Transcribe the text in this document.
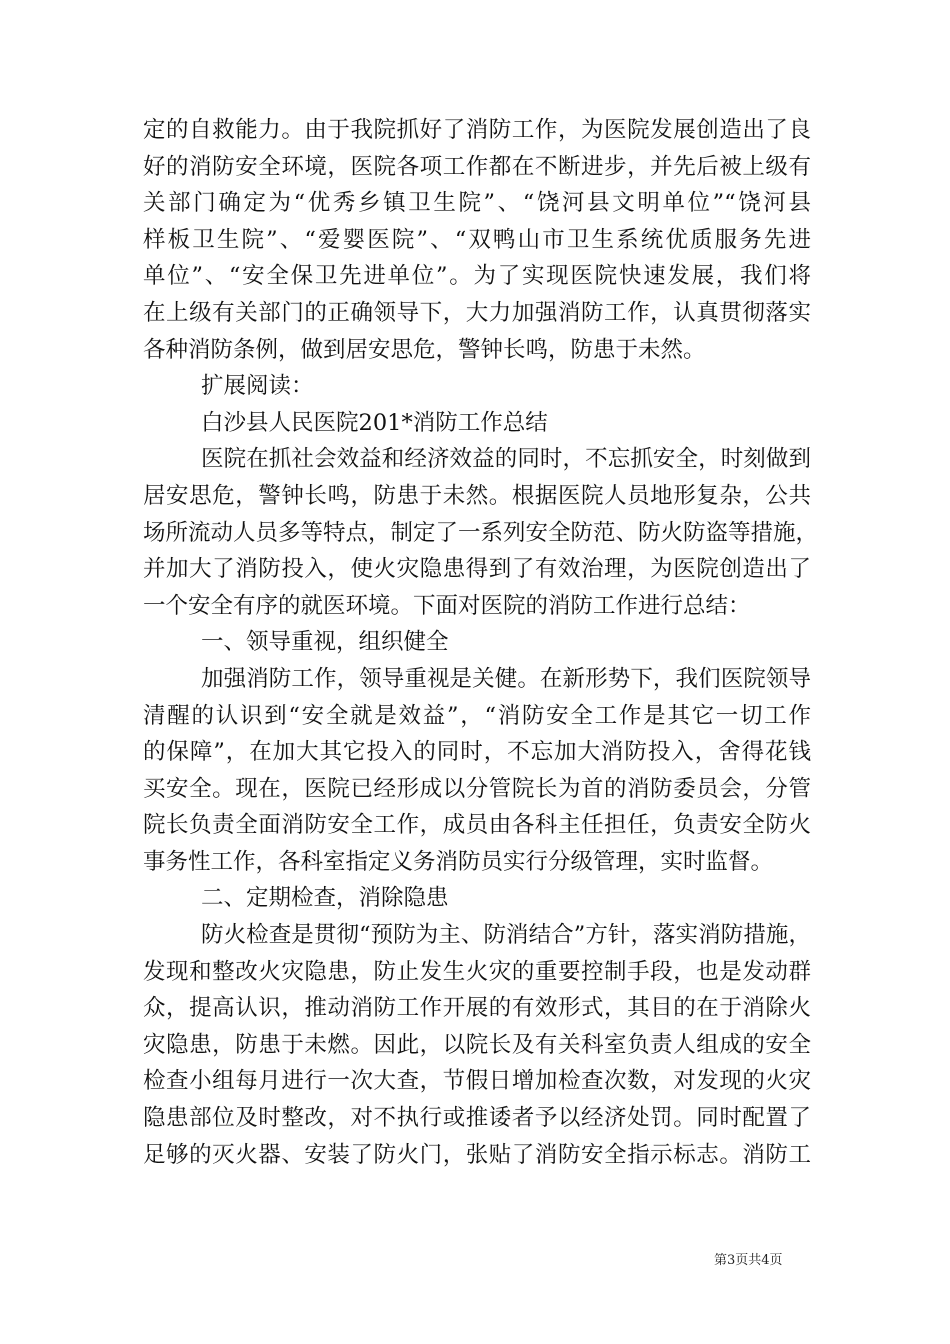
定的自救能力。由于我院抓好了消防工作，为医院发展创造出了良
好的消防安全环境，医院各项工作都在不断进步，并先后被上级有
关部门确定为“优秀乡镇卫生院”、“饶河县文明单位”“饶河县
样板卫生院”、“爱婴医院”、“双鸭山市卫生系统优质服务先进
单位”、“安全保卫先进单位”。为了实现医院快速发展，我们将
在上级有关部门的正确领导下，大力加强消防工作，认真贯彻落实
各种消防条例，做到居安思危，警钟长鸣，防患于未然。
扩展阅读：
白沙县人民医院201*消防工作总结
医院在抓社会效益和经济效益的同时，不忘抓安全，时刻做到
居安思危，警钟长鸣，防患于未然。根据医院人员地形复杂，公共
场所流动人员多等特点，制定了一系列安全防范、防火防盗等措施，
并加大了消防投入，使火灾隐患得到了有效治理，为医院创造出了
一个安全有序的就医环境。下面对医院的消防工作进行总结：
一、领导重视，组织健全
加强消防工作，领导重视是关健。在新形势下，我们医院领导
清醒的认识到“安全就是效益”，“消防安全工作是其它一切工作
的保障”，在加大其它投入的同时，不忘加大消防投入，舍得花钱
买安全。现在，医院已经形成以分管院长为首的消防委员会，分管
院长负责全面消防安全工作，成员由各科主任担任，负责安全防火
事务性工作，各科室指定义务消防员实行分级管理，实时监督。
二、定期检查，消除隐患
防火检查是贯彻“预防为主、防消结合”方针，落实消防措施，
发现和整改火灾隐患，防止发生火灾的重要控制手段，也是发动群
众，提高认识，推动消防工作开展的有效形式，其目的在于消除火
灾隐患，防患于未燃。因此，以院长及有关科室负责人组成的安全
检查小组每月进行一次大查，节假日增加检查次数，对发现的火灾
隐患部位及时整改，对不执行或推诿者予以经济处罚。同时配置了
足够的灭火器、安装了防火门，张贴了消防安全指示标志。消防工
第3页共4页
